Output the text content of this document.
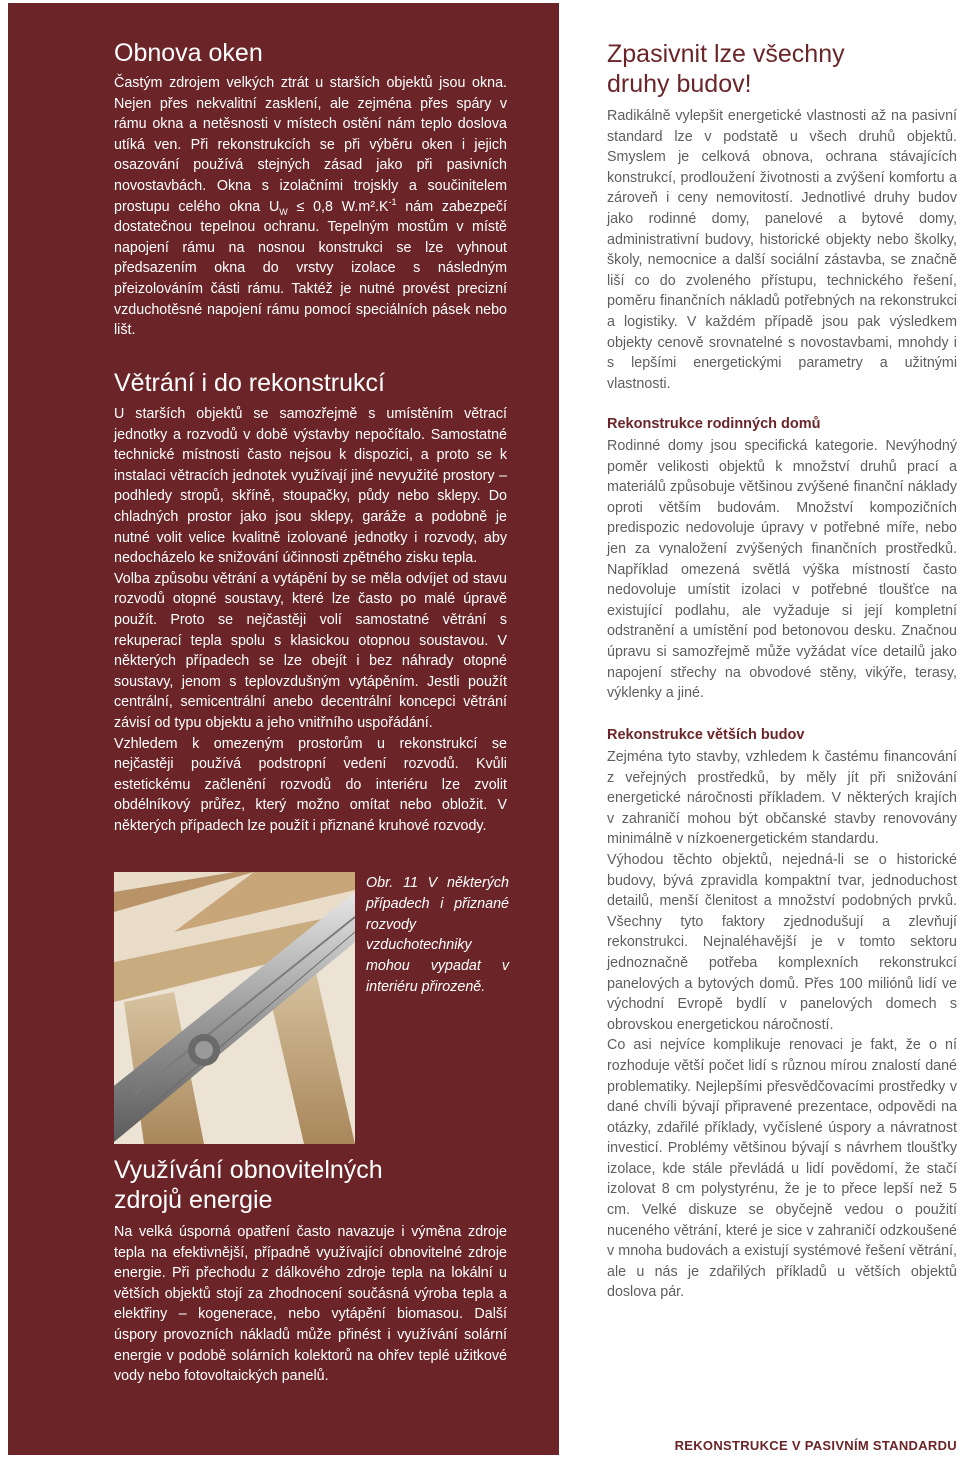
Obnova oken

Častým zdrojem velkých ztrát u starších objektů jsou okna. Nejen přes nekvalitní zasklení, ale zejména přes spáry v rámu okna a netěsnosti v místech ostění nám teplo doslova utíká ven. Při rekonstrukcích se při výběru oken i jejich osazování používá stejných zásad jako při pasivních novostavbách. Okna s izolačními trojskly a součinitelem prostupu celého okna $U_W \le 0,8$ $W.m^2.K^{-1}$ nám zabezpečí dostatečnou tepelnou ochranu. Tepelným mostům v místě napojení rámu na nosnou konstrukci se lze vyhnout předsazením okna do vrstvy izolace s následným přeizolováním části rámu. Taktéž je nutné provést precizní vzduchotěsné napojení rámu pomocí speciálních pásek nebo lišt.

Větrání i do rekonstrukcí

U starších objektů se samozřejmě s umístěním větrací jednotky a rozvodů v době výstavby nepočítalo. Samostatné technické místnosti často nejsou k dispozici, a proto se k instalaci větracích jednotek využívají jiné nevyužité prostory – podhledy stropů, skříně, stoupačky, půdy nebo sklepy. Do chladných prostor jako jsou sklepy, garáže a podobně je nutné volit velice kvalitně izolované jednotky i rozvody, aby nedocházelo ke snižování účinnosti zpětného zisku tepla.

Volba způsobu větrání a vytápění by se měla odvíjet od stavu rozvodů otopné soustavy, které lze často po malé úpravě použít. Proto se nejčastěji volí samostatné větrání s rekuperací tepla spolu s klasickou otopnou soustavou. V některých případech se lze obejít i bez náhrady otopné soustavy, jenom s teplovzdušným vytápěním. Jestli použít centrální, semicentrální anebo decentrální koncepci větrání závisí od typu objektu a jeho vnitřního uspořádání.

Vzhledem k omezeným prostorům u rekonstrukcí se nejčastěji používá podstropní vedení rozvodů. Kvůli estetickému začlenění rozvodů do interiéru lze zvolit obdélníkový průřez, který možno omítat nebo obložit. V některých případech lze použít i přiznané kruhové rozvody.

Obr. 11 V některých případech i přiznané rozvody vzduchotechniky mohou vypadat v interiéru přirozeně.
Využívání obnovitelných
zdrojů energie

Na velká úsporná opatření často navazuje i výměna zdroje tepla na efektivnější, případně využívající obnovitelné zdroje energie. Při přechodu z dálkového zdroje tepla na lokální u větších objektů stojí za zhodnocení součásná výroba tepla a elektřiny – kogenerace, nebo vytápění biomasou. Další úspory provozních nákladů může přinést i využívání solární energie v podobě solárních kolektorů na ohřev teplé užitkové vody nebo fotovoltaických panelů.

Zpasivnit lze všechny
druhy budov!

Radikálně vylepšit energetické vlastnosti až na pasivní standard lze v podstatě u všech druhů objektů. Smyslem je celková obnova, ochrana stávajících konstrukcí, prodloužení životnosti a zvýšení komfortu a zároveň i ceny nemovitostí. Jednotlivé druhy budov jako rodinné domy, panelové a bytové domy, administrativní budovy, historické objekty nebo školky, školy, nemocnice a další sociální zástavba, se značně liší co do zvoleného přístupu, technického řešení, poměru finančních nákladů potřebných na rekonstrukci a logistiky. V každém případě jsou pak výsledkem objekty cenově srovnatelné s novostavbami, mnohdy i s lepšími energetickými parametry a užitnými vlastnosti.

Rekonstrukce rodinných domů

Rodinné domy jsou specifická kategorie. Nevýhodný poměr velikosti objektů k množství druhů prací a materiálů způsobuje většinou zvýšené finanční náklady oproti větším budovám. Množství kompozičních predispozic nedovoluje úpravy v potřebné míře, nebo jen za vynaložení zvýšených finančních prostředků. Například omezená světlá výška místností často nedovoluje umístit izolaci v potřebné tloušťce na existující podlahu, ale vyžaduje si její kompletní odstranění a umístění pod betonovou desku. Značnou úpravu si samozřejmě může vyžádat více detailů jako napojení střechy na obvodové stěny, vikýře, terasy, výklenky a jiné.

Rekonstrukce větších budov

Zejména tyto stavby, vzhledem k častému financování z veřejných prostředků, by měly jít při snižování energetické náročnosti příkladem. V některých krajích v zahraničí mohou být občanské stavby renovovány minimálně v nízkoenergetickém standardu.

Výhodou těchto objektů, nejedná-li se o historické budovy, bývá zpravidla kompaktní tvar, jednoduchost detailů, menší členitost a množství podobných prvků. Všechny tyto faktory zjednodušují a zlevňují rekonstrukci. Nejnaléhavější je v tomto sektoru jednoznačně potřeba komplexních rekonstrukcí panelových a bytových domů. Přes 100 miliónů lidí ve východní Evropě bydlí v panelových domech s obrovskou energetickou náročností.

Co asi nejvíce komplikuje renovaci je fakt, že o ní rozhoduje větší počet lidí s různou mírou znalostí dané problematiky. Nejlepšími přesvědčovacími prostředky v dané chvíli bývají připravené prezentace, odpovědi na otázky, zdařilé příklady, vyčíslené úspory a návratnost investicí. Problémy většinou bývají s návrhem tloušťky izolace, kde stále převládá u lidí povědomí, že stačí izolovat 8 cm polystyrénu, že je to přece lepší než 5 cm. Velké diskuze se obyčejně vedou o použití nuceného větrání, které je sice v zahraničí odzkoušené v mnoha budovách a existují systémové řešení větrání, ale u nás je zdařilých příkladů u větších objektů doslova pár.

REKONSTRUKCE V PASIVNÍM STANDARDU
